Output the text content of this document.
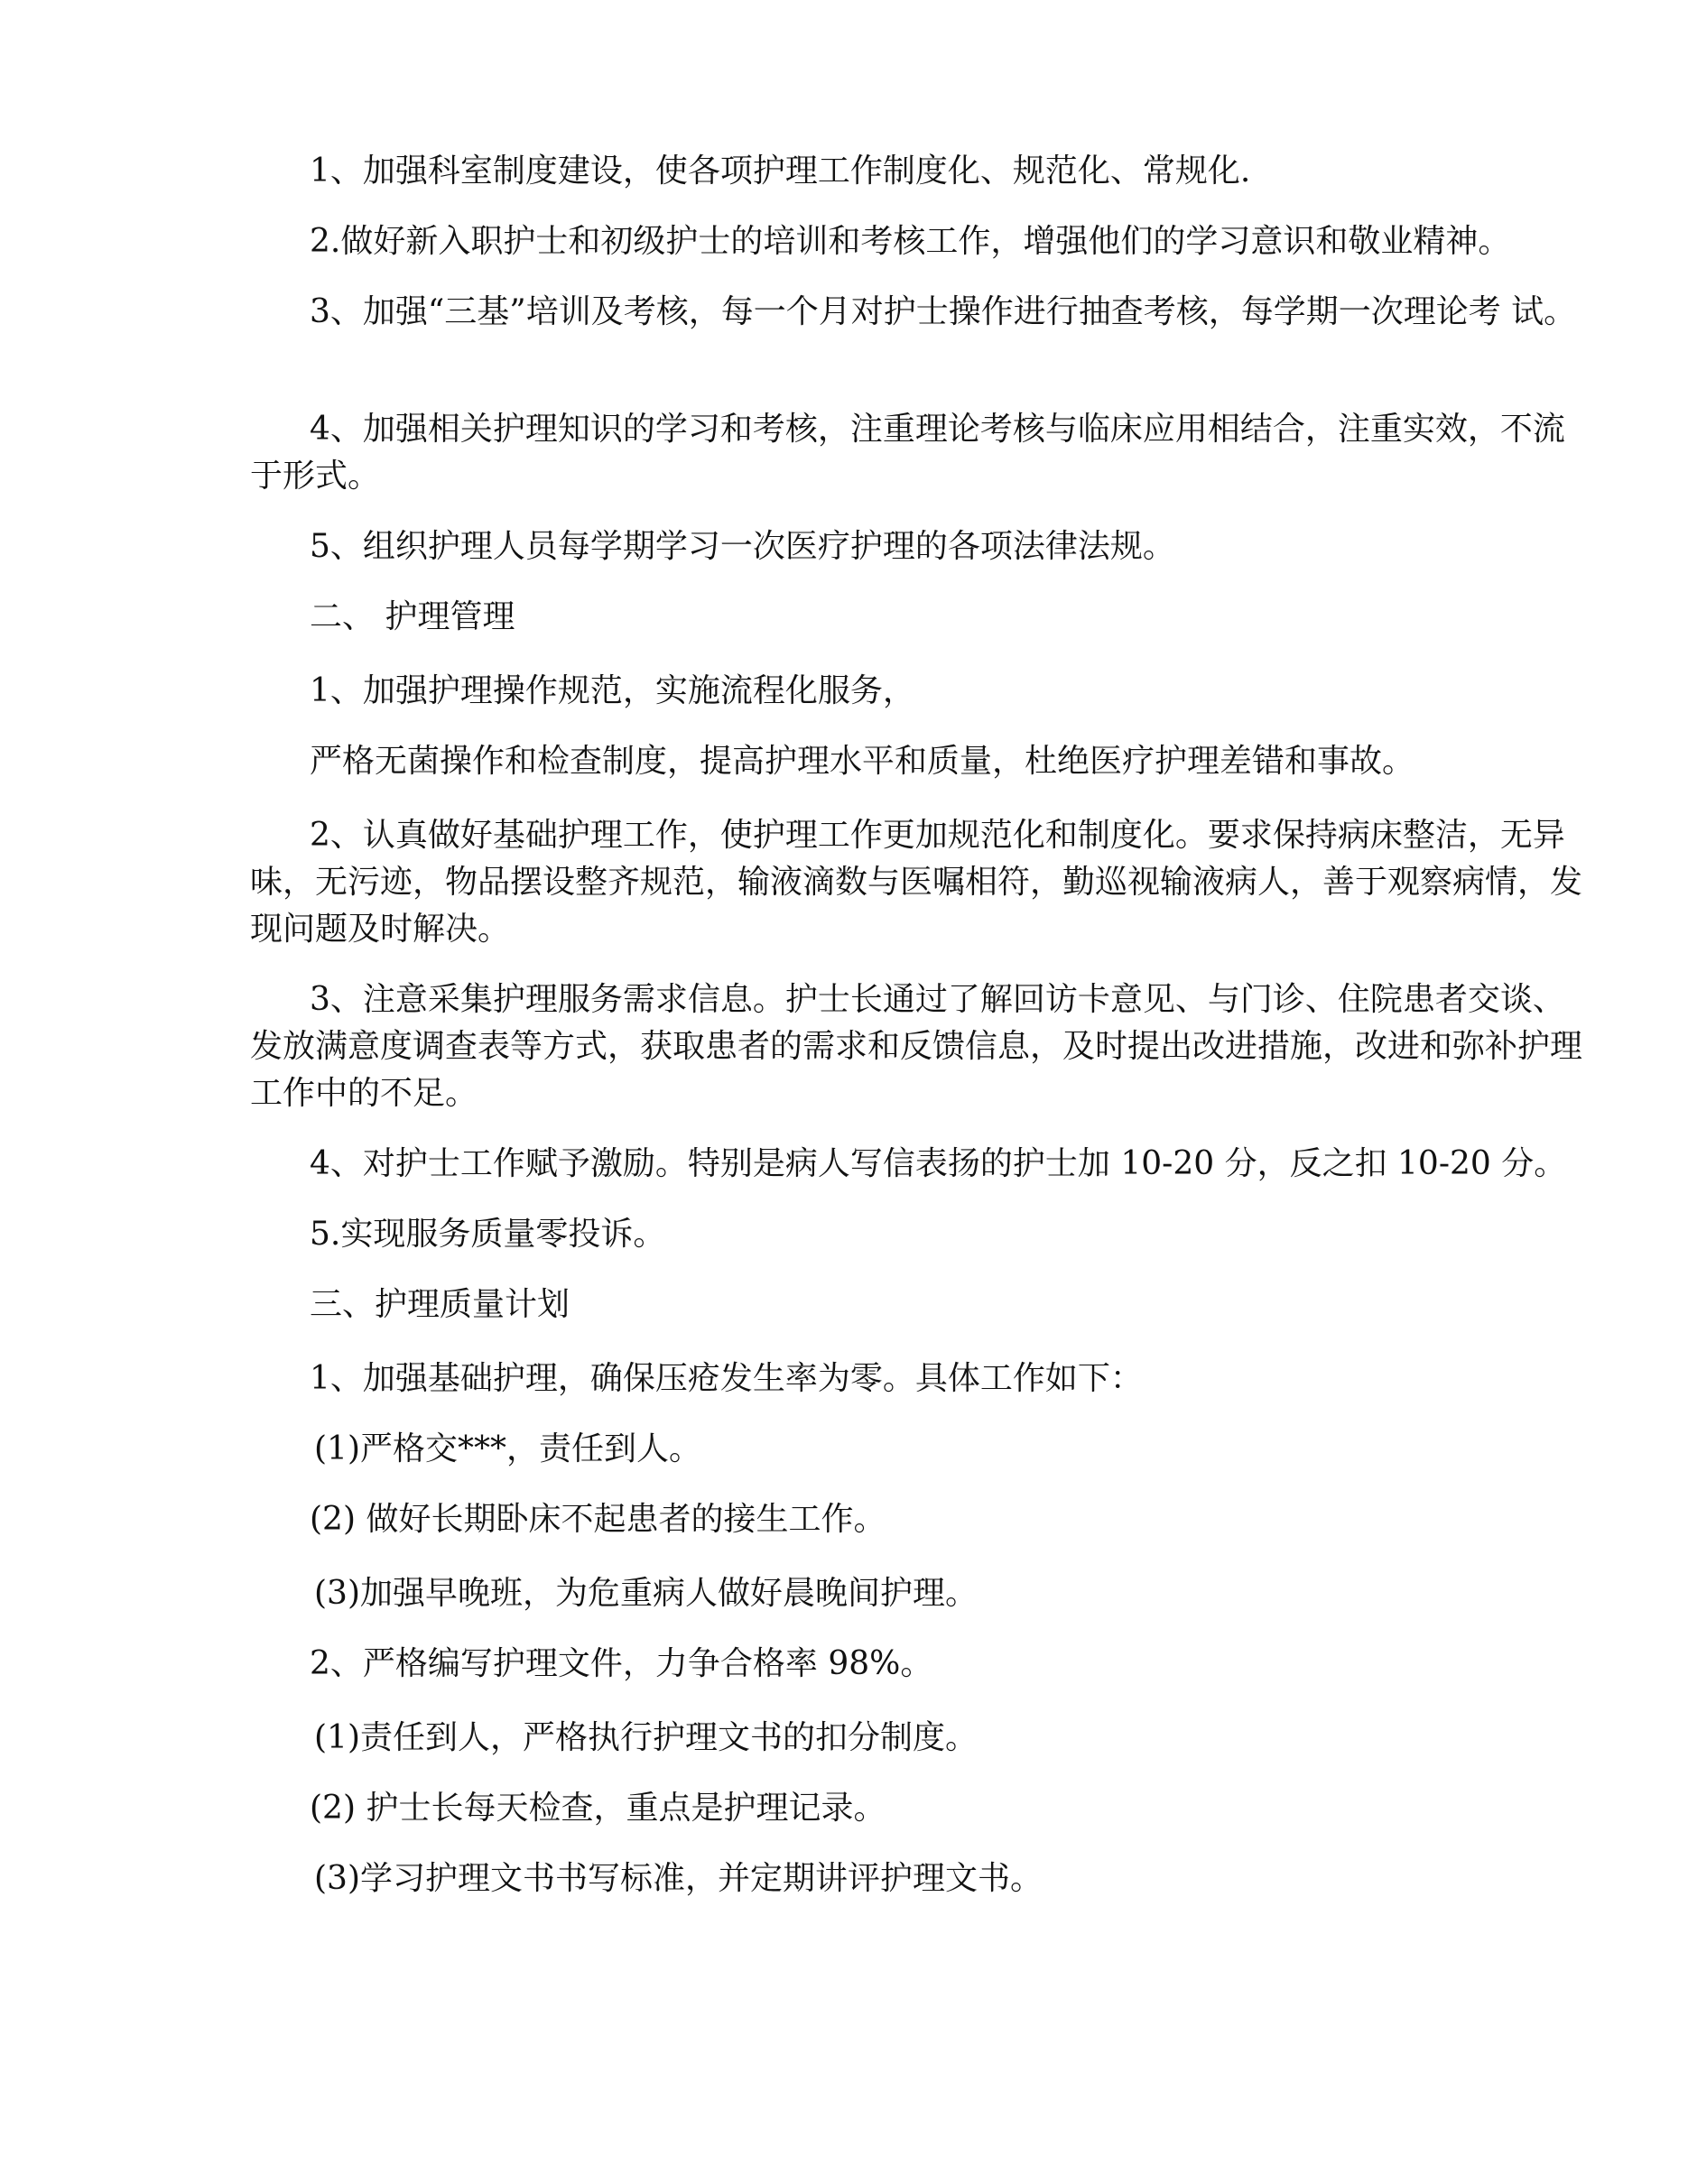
1、加强科室制度建设，使各项护理工作制度化、规范化、常规化.

2.做好新入职护士和初级护士的培训和考核工作，增强他们的学习意识和敬业精神。

3、加强“三基”培训及考核，每一个月对护士操作进行抽查考核，每学期一次理论考 试。

4、加强相关护理知识的学习和考核，注重理论考核与临床应用相结合，注重实效，不流于形式。

5、组织护理人员每学期学习一次医疗护理的各项法律法规。

二、 护理管理

1、加强护理操作规范，实施流程化服务，

严格无菌操作和检查制度，提高护理水平和质量，杜绝医疗护理差错和事故。

2、认真做好基础护理工作，使护理工作更加规范化和制度化。要求保持病床整洁，无异味，无污迹，物品摆设整齐规范，输液滴数与医嘱相符，勤巡视输液病人，善于观察病情，发现问题及时解决。

3、注意采集护理服务需求信息。护士长通过了解回访卡意见、与门诊、住院患者交谈、发放满意度调查表等方式，获取患者的需求和反馈信息，及时提出改进措施，改进和弥补护理工作中的不足。

4、对护士工作赋予激励。特别是病人写信表扬的护士加 10-20 分，反之扣 10-20 分。

5.实现服务质量零投诉。

三、护理质量计划

1、加强基础护理，确保压疮发生率为零。具体工作如下：

(1)严格交***，责任到人。

(2) 做好长期卧床不起患者的接生工作。

(3)加强早晚班，为危重病人做好晨晚间护理。

2、严格编写护理文件，力争合格率 98%。

(1)责任到人，严格执行护理文书的扣分制度。

(2) 护士长每天检查，重点是护理记录。

(3)学习护理文书书写标准，并定期讲评护理文书。
